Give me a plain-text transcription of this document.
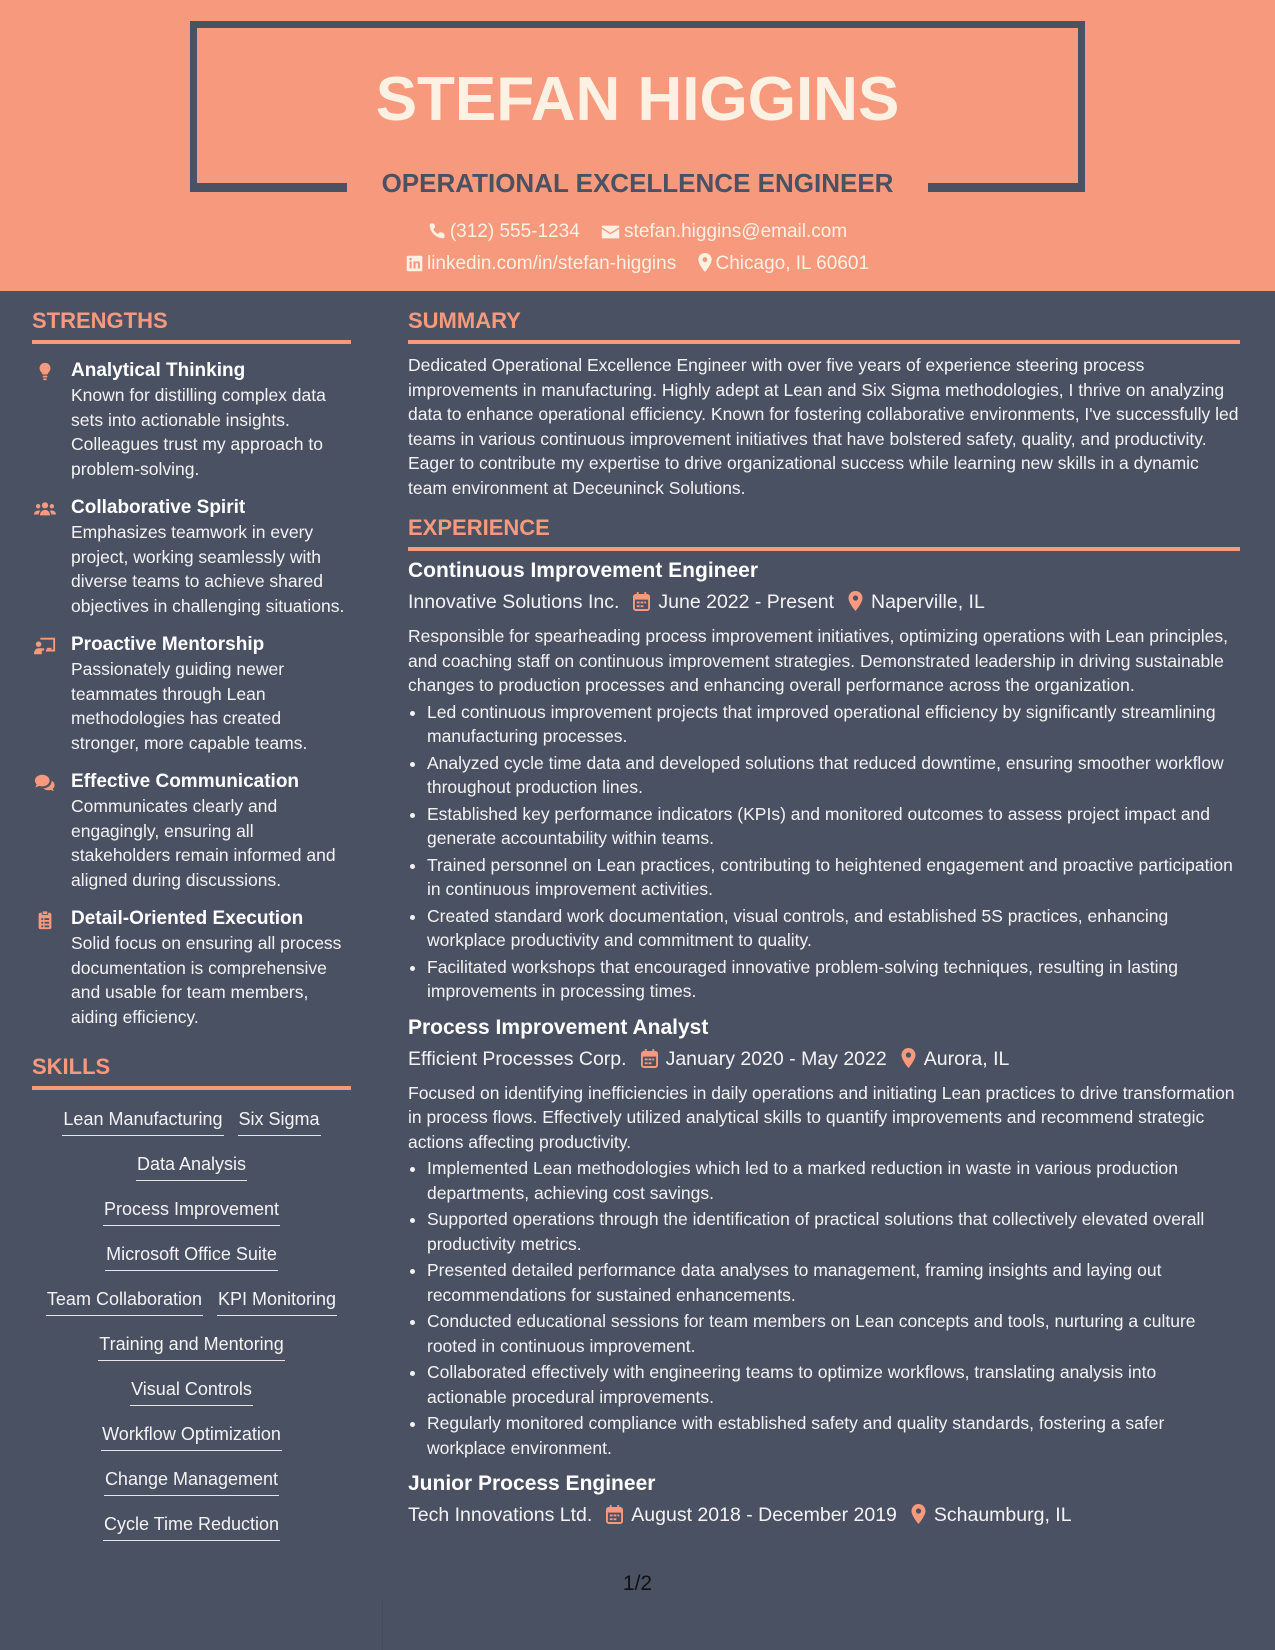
STEFAN HIGGINS
OPERATIONAL EXCELLENCE ENGINEER
(312) 555-1234 stefan.higgins@email.com
linkedin.com/in/stefan-higgins Chicago, IL 60601
STRENGTHS
Analytical Thinking
Known for distilling complex data sets into actionable insights. Colleagues trust my approach to problem-solving.
Collaborative Spirit
Emphasizes teamwork in every project, working seamlessly with diverse teams to achieve shared objectives in challenging situations.
Proactive Mentorship
Passionately guiding newer teammates through Lean methodologies has created stronger, more capable teams.
Effective Communication
Communicates clearly and engagingly, ensuring all stakeholders remain informed and aligned during discussions.
Detail-Oriented Execution
Solid focus on ensuring all process documentation is comprehensive and usable for team members, aiding efficiency.
SKILLS
Lean Manufacturing Six Sigma
Data Analysis
Process Improvement
Microsoft Office Suite
Team Collaboration KPI Monitoring
Training and Mentoring
Visual Controls
Workflow Optimization
Change Management
Cycle Time Reduction
SUMMARY
Dedicated Operational Excellence Engineer with over five years of experience steering process improvements in manufacturing. Highly adept at Lean and Six Sigma methodologies, I thrive on analyzing data to enhance operational efficiency. Known for fostering collaborative environments, I've successfully led teams in various continuous improvement initiatives that have bolstered safety, quality, and productivity. Eager to contribute my expertise to drive organizational success while learning new skills in a dynamic team environment at Deceuninck Solutions.
EXPERIENCE
Continuous Improvement Engineer
Innovative Solutions Inc. June 2022 - Present Naperville, IL
Responsible for spearheading process improvement initiatives, optimizing operations with Lean principles, and coaching staff on continuous improvement strategies. Demonstrated leadership in driving sustainable changes to production processes and enhancing overall performance across the organization.
• Led continuous improvement projects that improved operational efficiency by significantly streamlining manufacturing processes.
• Analyzed cycle time data and developed solutions that reduced downtime, ensuring smoother workflow throughout production lines.
• Established key performance indicators (KPIs) and monitored outcomes to assess project impact and generate accountability within teams.
• Trained personnel on Lean practices, contributing to heightened engagement and proactive participation in continuous improvement activities.
• Created standard work documentation, visual controls, and established 5S practices, enhancing workplace productivity and commitment to quality.
• Facilitated workshops that encouraged innovative problem-solving techniques, resulting in lasting improvements in processing times.
Process Improvement Analyst
Efficient Processes Corp. January 2020 - May 2022 Aurora, IL
Focused on identifying inefficiencies in daily operations and initiating Lean practices to drive transformation in process flows. Effectively utilized analytical skills to quantify improvements and recommend strategic actions affecting productivity.
• Implemented Lean methodologies which led to a marked reduction in waste in various production departments, achieving cost savings.
• Supported operations through the identification of practical solutions that collectively elevated overall productivity metrics.
• Presented detailed performance data analyses to management, framing insights and laying out recommendations for sustained enhancements.
• Conducted educational sessions for team members on Lean concepts and tools, nurturing a culture rooted in continuous improvement.
• Collaborated effectively with engineering teams to optimize workflows, translating analysis into actionable procedural improvements.
• Regularly monitored compliance with established safety and quality standards, fostering a safer workplace environment.
Junior Process Engineer
Tech Innovations Ltd. August 2018 - December 2019 Schaumburg, IL
1/2
